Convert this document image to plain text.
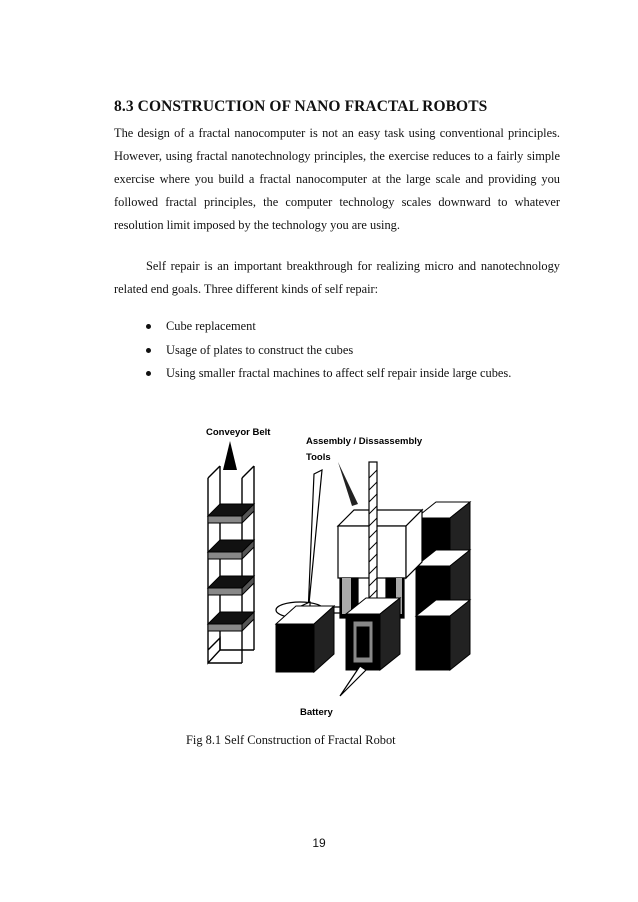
8.3 CONSTRUCTION OF NANO FRACTAL ROBOTS
The design of a fractal nanocomputer is not an easy task using conventional principles. However, using fractal nanotechnology principles, the exercise reduces to a fairly simple exercise where you build a fractal nanocomputer at the large scale and providing you followed fractal principles, the computer technology scales downward to whatever resolution limit imposed by the technology you are using.
Self repair is an important breakthrough for realizing micro and nanotechnology related end goals. Three different kinds of self repair:
Cube replacement
Usage of plates to construct the cubes
Using smaller fractal machines to affect self repair inside large cubes.
Conveyor Belt
Assembly / Dissassembly
Tools
Battery
Fig 8.1 Self Construction of Fractal Robot
19
